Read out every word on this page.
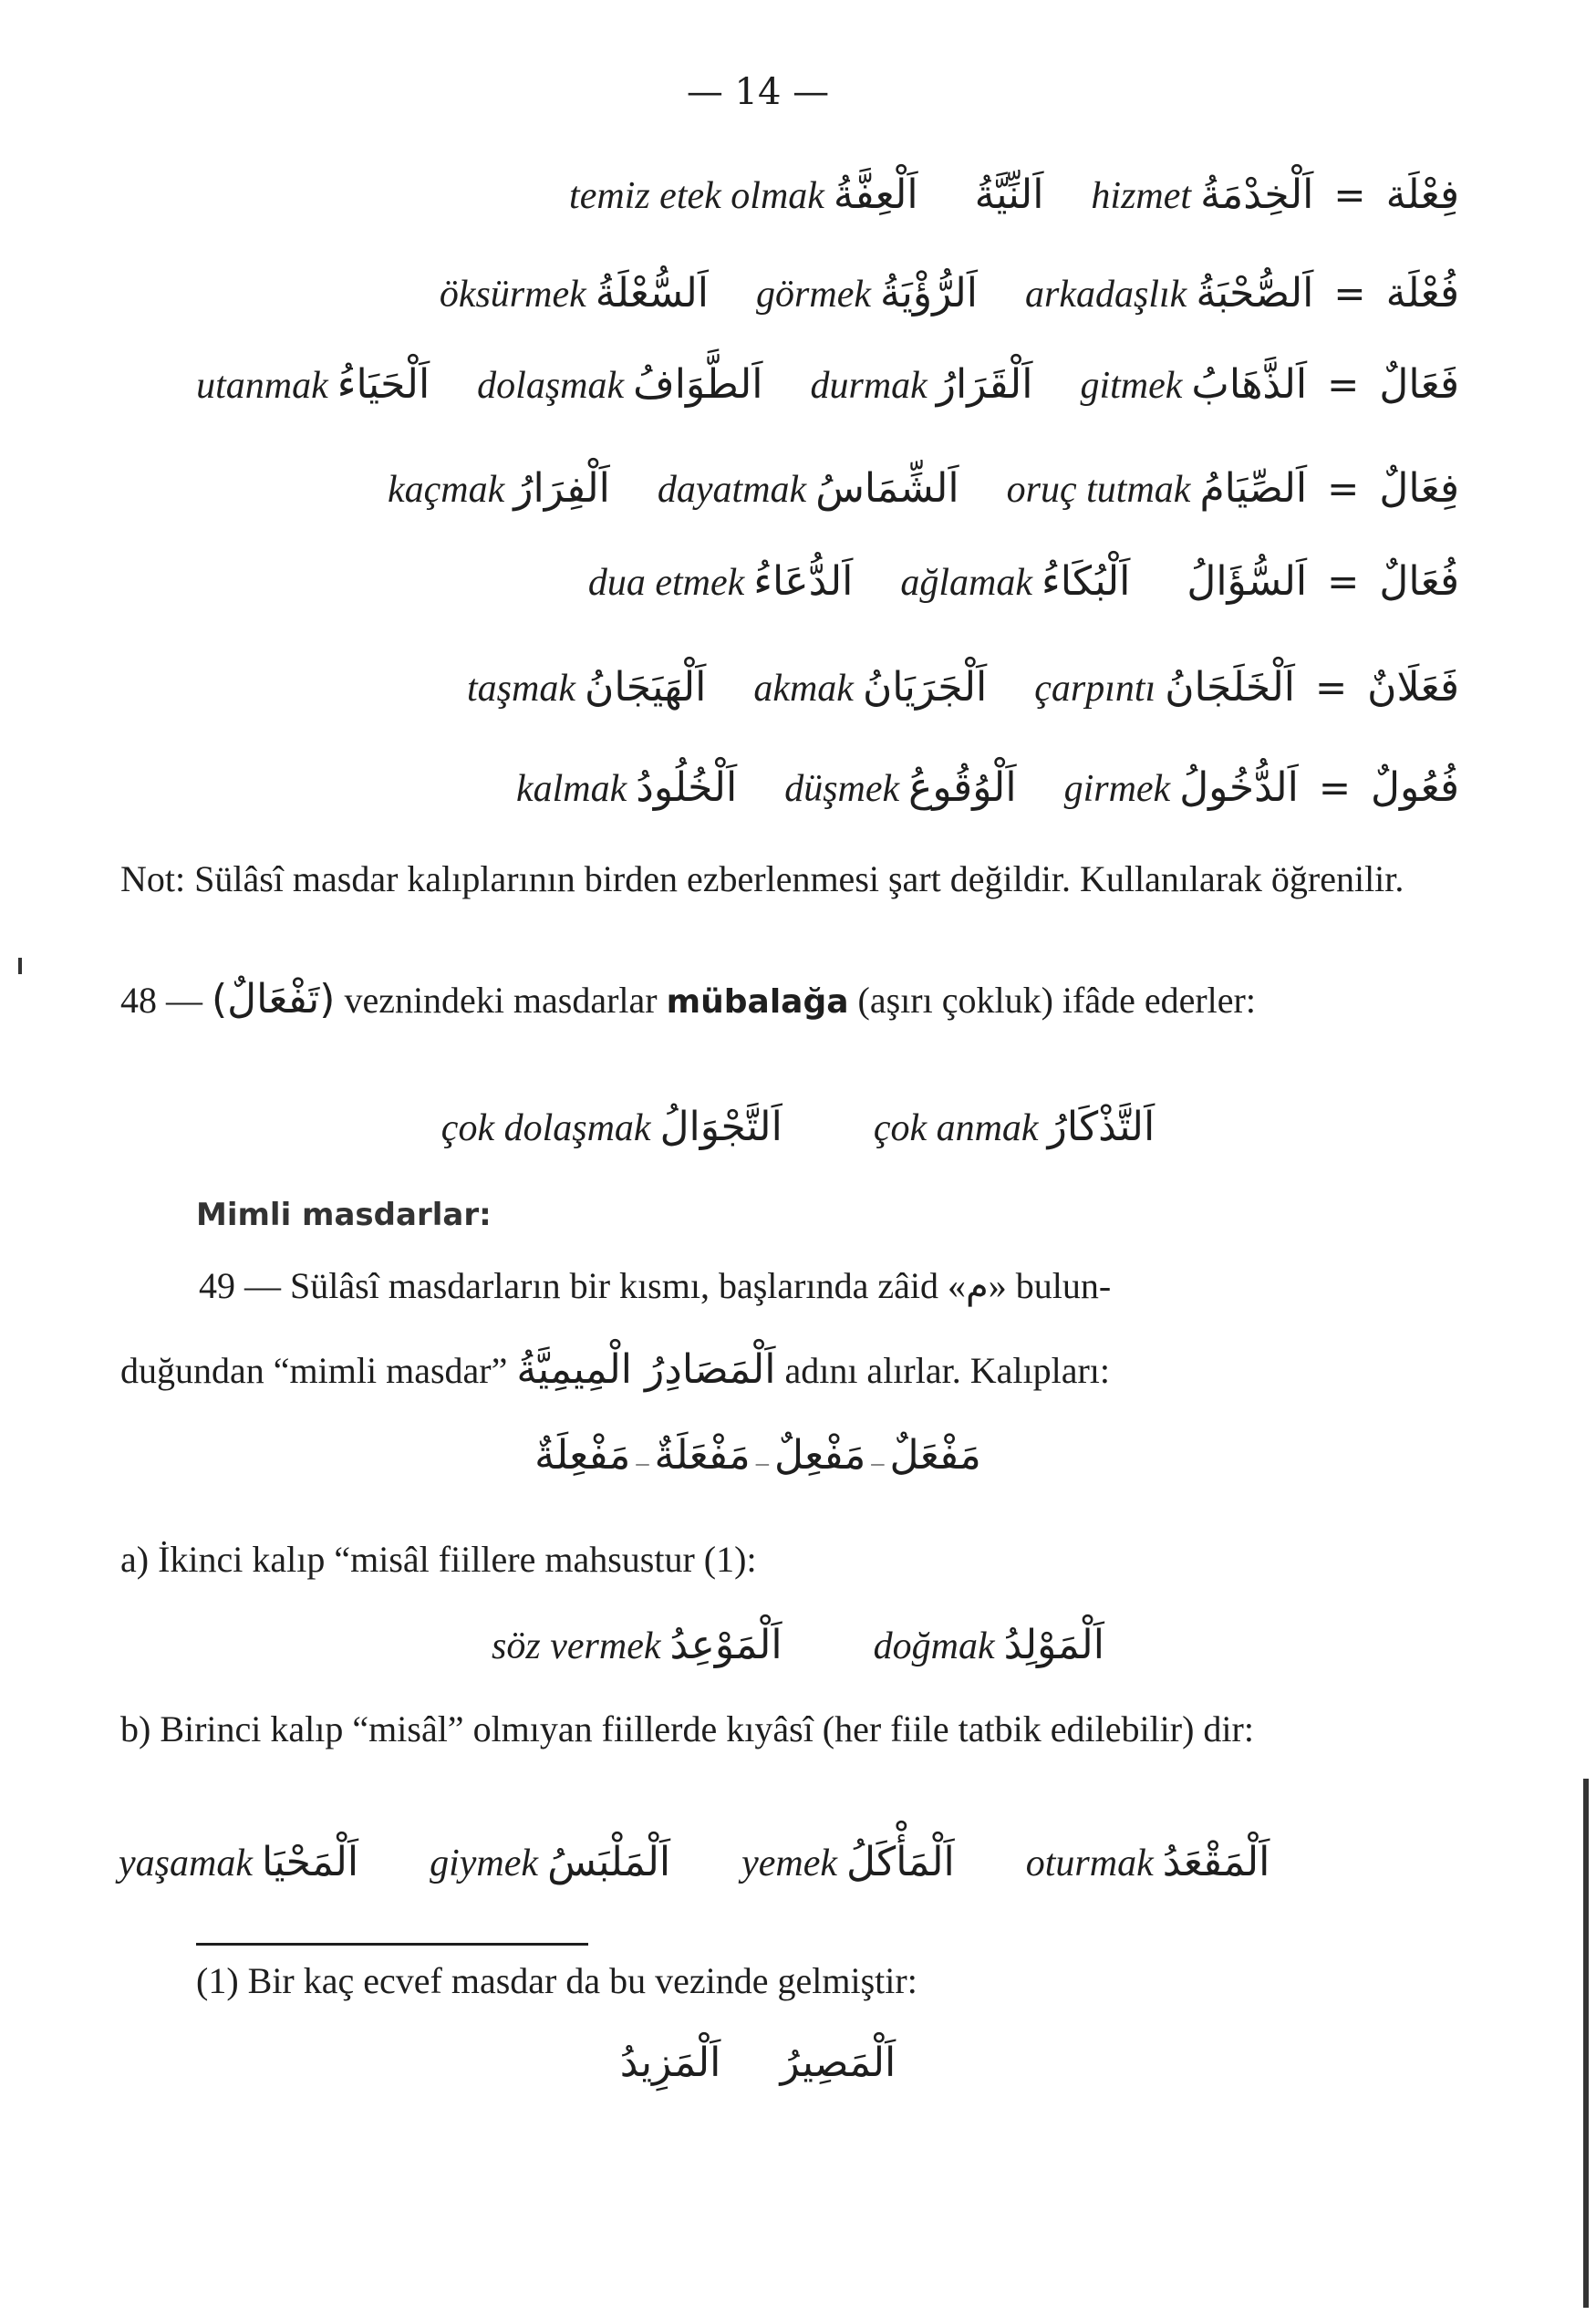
— 14 —
temiz etek olmak اَلْعِفَّةُ اَلنِّيَّةُ hizmet اَلْخِدْمَةُ = فِعْلَة
öksürmek اَلسُّعْلَةُ görmek اَلرُّؤْيَةُ arkadaşlık اَلصُّحْبَةُ = فُعْلَة
utanmak اَلْحَيَاءُ dolaşmak اَلطَّوَافُ durmak اَلْقَرَارُ gitmek اَلذَّهَابُ = فَعَالٌ
kaçmak اَلْفِرَارُ dayatmak اَلشِّمَاسُ oruç tutmak اَلصِّيَامُ = فِعَالٌ
dua etmek اَلدُّعَاءُ ağlamak اَلْبُكَاءُ اَلسُّؤَالُ = فُعَالٌ
taşmak اَلْهَيَجَانُ akmak اَلْجَرَيَانُ çarpıntı اَلْخَلَجَانُ = فَعَلَانٌ
kalmak اَلْخُلُودُ düşmek اَلْوُقُوعُ girmek اَلدُّخُولُ = فُعُولٌ
Not: Sülâsî masdar kalıplarının birden ezberlenmesi şart değildir. Kullanılarak öğrenilir.
48 — (تَفْعَالٌ) veznindeki masdarlar mübalağa (aşırı çokluk) ifâde ederler:
çok dolaşmak اَلتَّجْوَالُ çok anmak اَلتَّذْكَارُ
Mimli masdarlar:
49 — Sülâsî masdarların bir kısmı, başlarında zâid «م» bulun-
duğundan “mimli masdar” اَلْمَصَادِرُ الْمِيمِيَّةُ adını alırlar. Kalıpları:
مَفْعِلَةٌ — مَفْعَلَةٌ — مَفْعِلٌ — مَفْعَلٌ
a) İkinci kalıp “misâl fiillere mahsustur (1):
söz vermek اَلْمَوْعِدُ doğmak اَلْمَوْلِدُ
b) Birinci kalıp “misâl” olmıyan fiillerde kıyâsî (her fiile tatbik edilebilir) dir:
yaşamak اَلْمَحْيَا giymek اَلْمَلْبَسُ yemek اَلْمَأْكَلُ oturmak اَلْمَقْعَدُ
(1) Bir kaç ecvef masdar da bu vezinde gelmiştir:
اَلْمَزِيدُ اَلْمَصِيرُ
